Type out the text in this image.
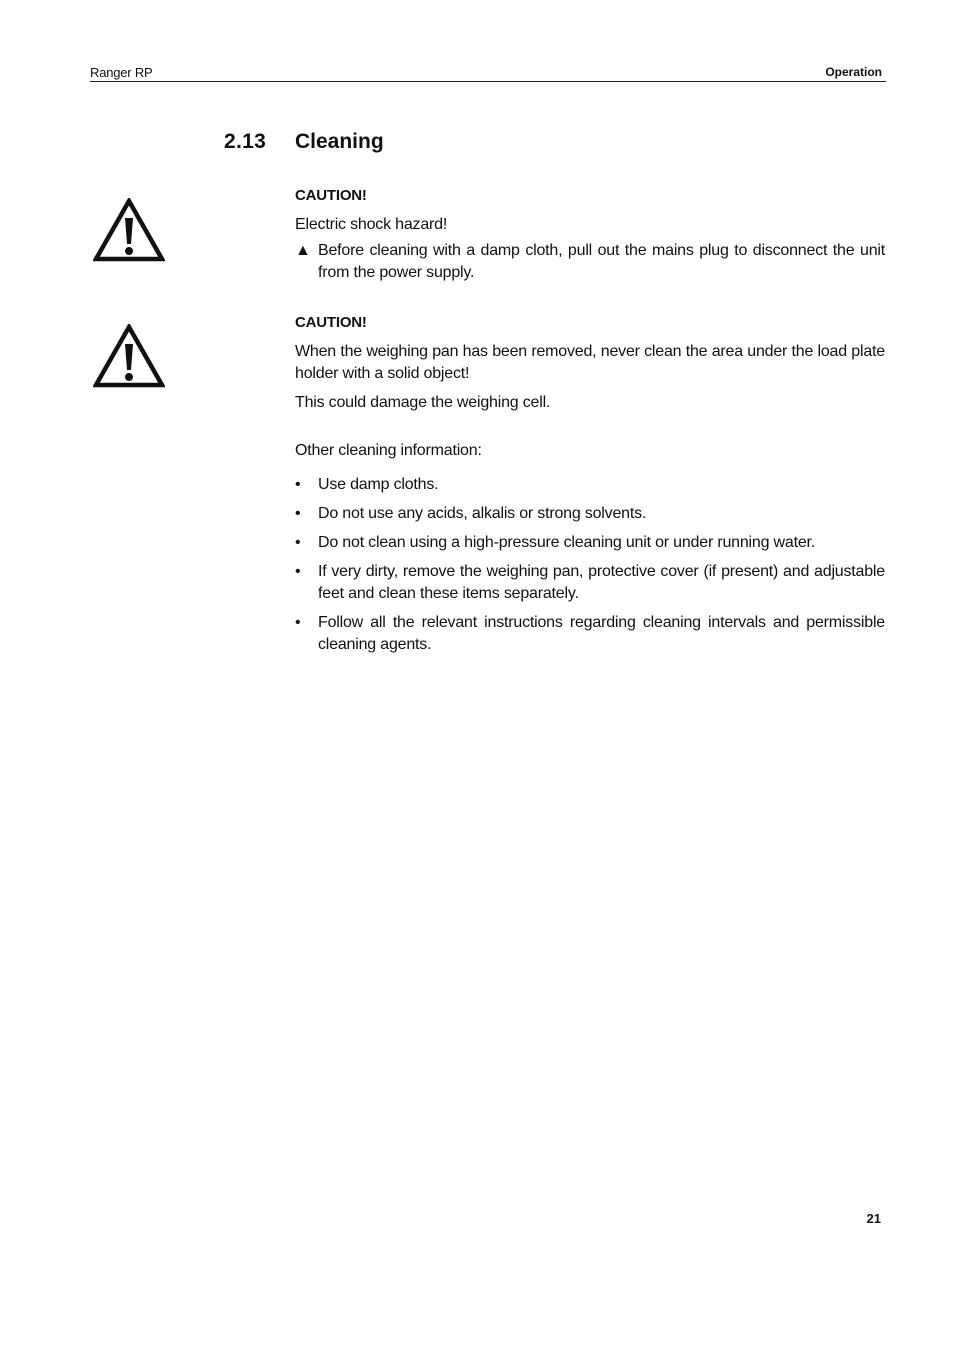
Ranger RP	Operation
2.13 Cleaning
CAUTION!
Electric shock hazard!
▲ Before cleaning with a damp cloth, pull out the mains plug to disconnect the unit from the power supply.
CAUTION!
When the weighing pan has been removed, never clean the area under the load plate holder with a solid object!
This could damage the weighing cell.
Other cleaning information:
•	Use damp cloths.
•	Do not use any acids, alkalis or strong solvents.
•	Do not clean using a high-pressure cleaning unit or under running water.
•	If very dirty, remove the weighing pan, protective cover (if present) and adjustable feet and clean these items separately.
•	Follow all the relevant instructions regarding cleaning intervals and permissible cleaning agents.
21
